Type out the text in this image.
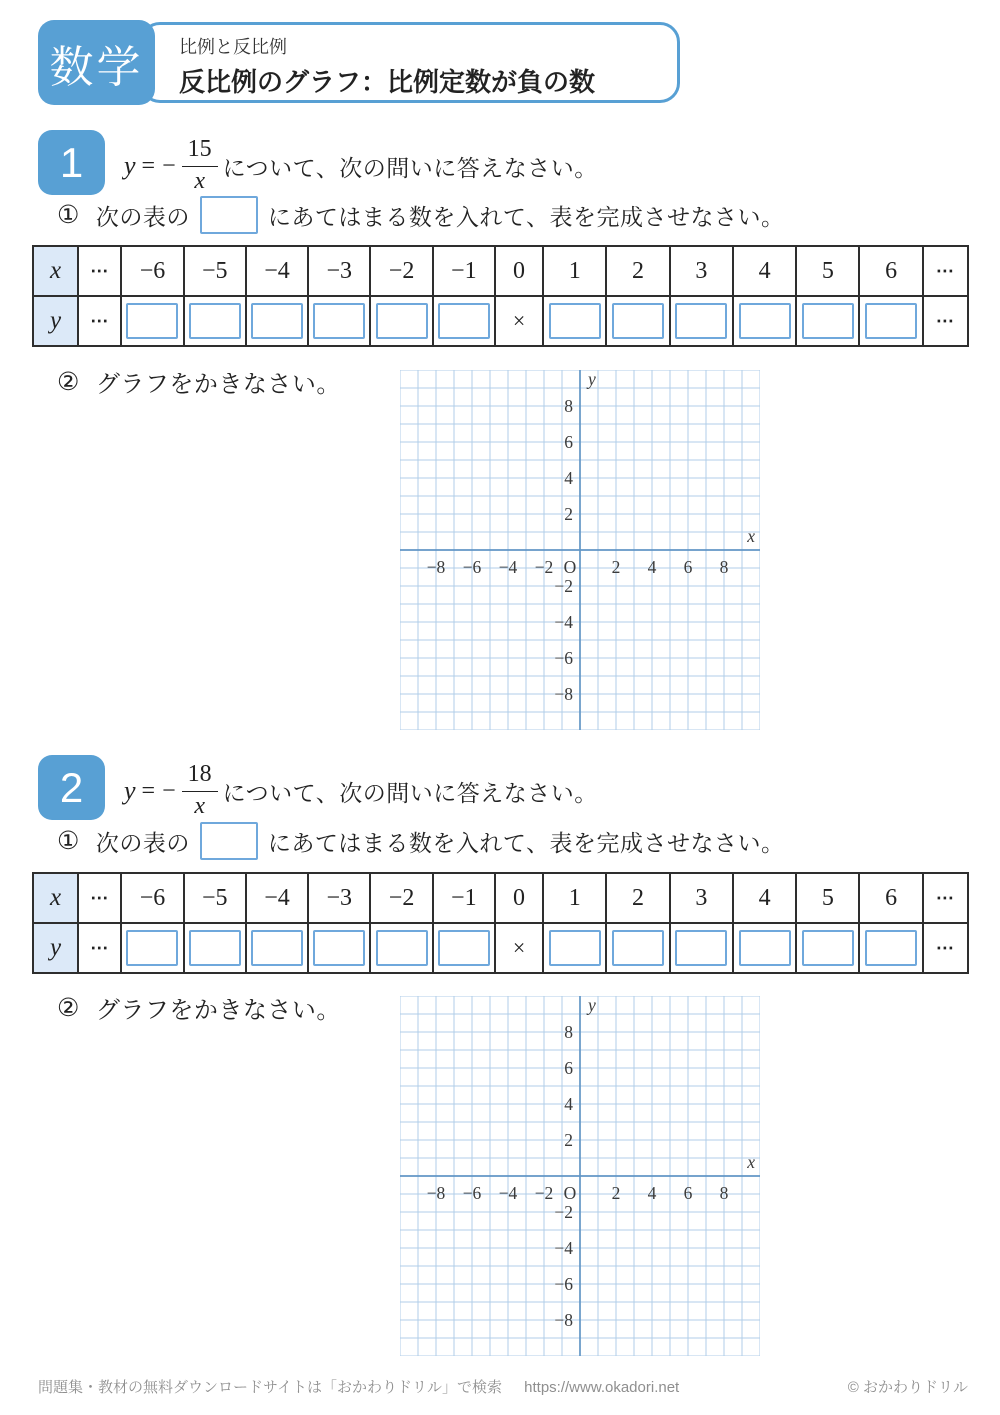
数学	比例と反比例
反比例のグラフ：比例定数が負の数
1	y = − $\frac{15}{x}$ について、次の問いに答えなさい。
① 次の表の	にあてはまる数を入れて、表を完成させなさい。
x	⋯	−6	−5	−4	−3	−2	−1	0	1	2	3	4	5	6	⋯
y	⋯							×							⋯
② グラフをかきなさい。
8
6
4
2
−2
−4
−6
−8
−8 −6 −4 −2	2 4 6 8
O
y
x
2	y = − $\frac{18}{x}$ について、次の問いに答えなさい。
① 次の表の	にあてはまる数を入れて、表を完成させなさい。
x	⋯	−6	−5	−4	−3	−2	−1	0	1	2	3	4	5	6	⋯
y	⋯							×							⋯
② グラフをかきなさい。
8
6
4
2
−2
−4
−6
−8
−8 −6 −4 −2	2 4 6 8
O
y
x
問題集・教材の無料ダウンロードサイトは「おかわりドリル」で検索 https://www.okadori.net	© おかわりドリル
